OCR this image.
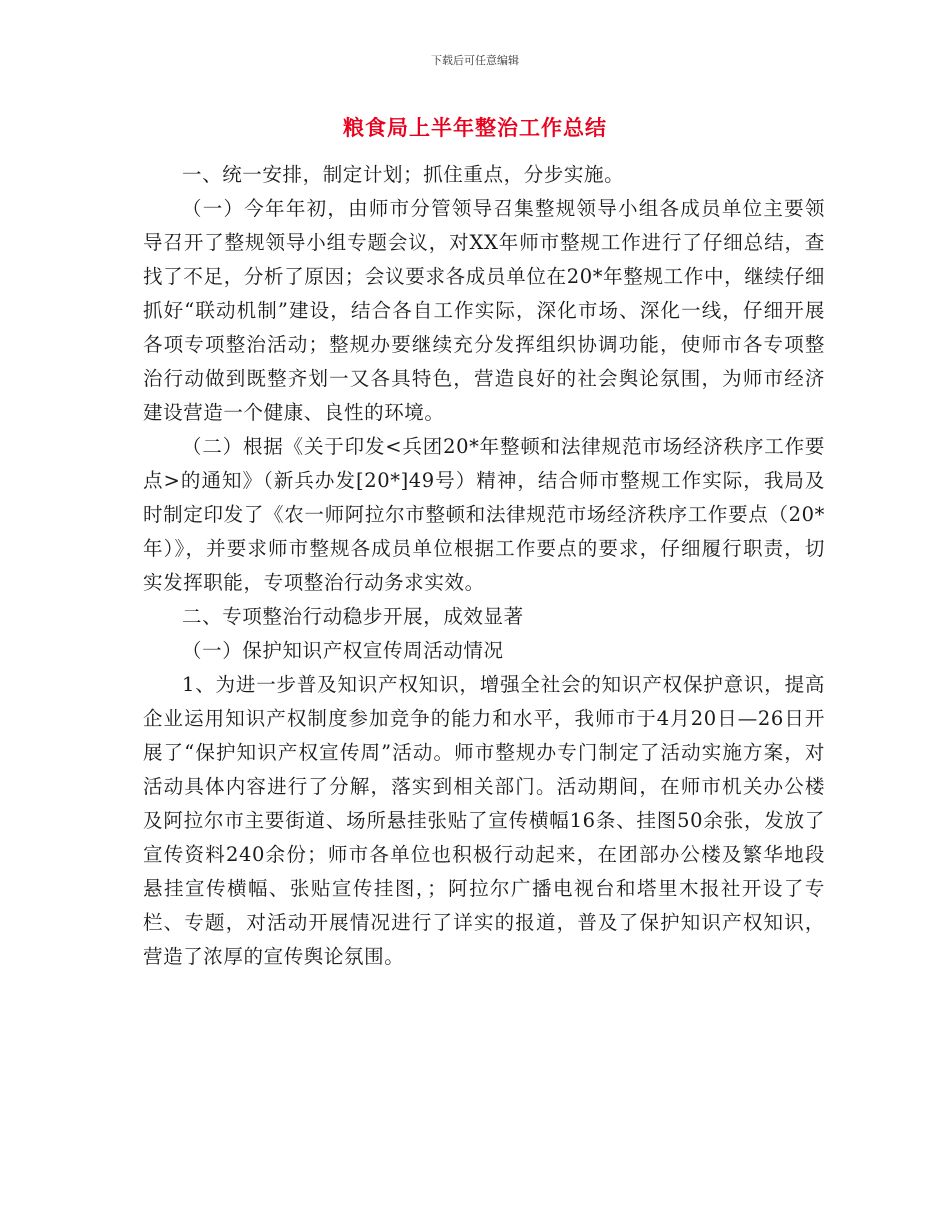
下载后可任意编辑
粮食局上半年整治工作总结

一、统一安排，制定计划；抓住重点，分步实施。

（一）今年年初，由师市分管领导召集整规领导小组各成员单位主要领导召开了整规领导小组专题会议，对XX年师市整规工作进行了仔细总结，查找了不足，分析了原因；会议要求各成员单位在20*年整规工作中，继续仔细抓好“联动机制”建设，结合各自工作实际，深化市场、深化一线，仔细开展各项专项整治活动；整规办要继续充分发挥组织协调功能，使师市各专项整治行动做到既整齐划一又各具特色，营造良好的社会舆论氛围，为师市经济建设营造一个健康、良性的环境。

（二）根据《关于印发<兵团20*年整顿和法律规范市场经济秩序工作要点>的通知》（新兵办发[20*]49号）精神，结合师市整规工作实际，我局及时制定印发了《农一师阿拉尔市整顿和法律规范市场经济秩序工作要点（20*年）》，并要求师市整规各成员单位根据工作要点的要求，仔细履行职责，切实发挥职能，专项整治行动务求实效。

二、专项整治行动稳步开展，成效显著

（一）保护知识产权宣传周活动情况

1、为进一步普及知识产权知识，增强全社会的知识产权保护意识，提高企业运用知识产权制度参加竞争的能力和水平，我师市于4月20日—26日开展了“保护知识产权宣传周”活动。师市整规办专门制定了活动实施方案，对活动具体内容进行了分解，落实到相关部门。活动期间，在师市机关办公楼及阿拉尔市主要街道、场所悬挂张贴了宣传横幅16条、挂图50余张，发放了宣传资料240余份；师市各单位也积极行动起来，在团部办公楼及繁华地段悬挂宣传横幅、张贴宣传挂图，；阿拉尔广播电视台和塔里木报社开设了专栏、专题，对活动开展情况进行了详实的报道，普及了保护知识产权知识，营造了浓厚的宣传舆论氛围。
